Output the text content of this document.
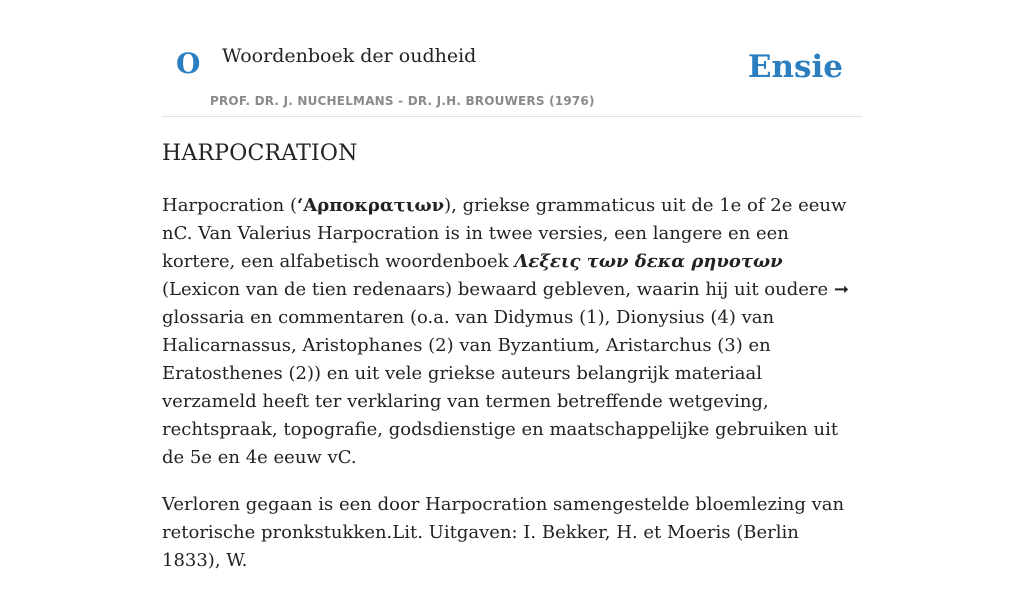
O Woordenboek der oudheid
PROF. DR. J. NUCHELMANS - DR. J.H. BROUWERS (1976)
Ensie
HARPOCRATION

Harpocration (‘Αρποκρατιων), griekse grammaticus uit de 1e of 2e eeuw nC. Van Valerius Harpocration is in twee versies, een langere en een kortere, een alfabetisch woordenboek Λεξεις των δεκα ρηυοτων (Lexicon van de tien redenaars) bewaard gebleven, waarin hij uit oudere ➞ glossaria en commentaren (o.a. van Didymus (1), Dionysius (4) van Halicarnassus, Aristophanes (2) van Byzantium, Aristarchus (3) en Eratosthenes (2)) en uit vele griekse auteurs belangrijk materiaal verzameld heeft ter verklaring van termen betreffende wetgeving, rechtspraak, topografie, godsdienstige en maatschappelijke gebruiken uit de 5e en 4e eeuw vC.

Verloren gegaan is een door Harpocration samengestelde bloemlezing van retorische pronkstukken.Lit. Uitgaven: I. Bekker, H. et Moeris (Berlin 1833), W.
